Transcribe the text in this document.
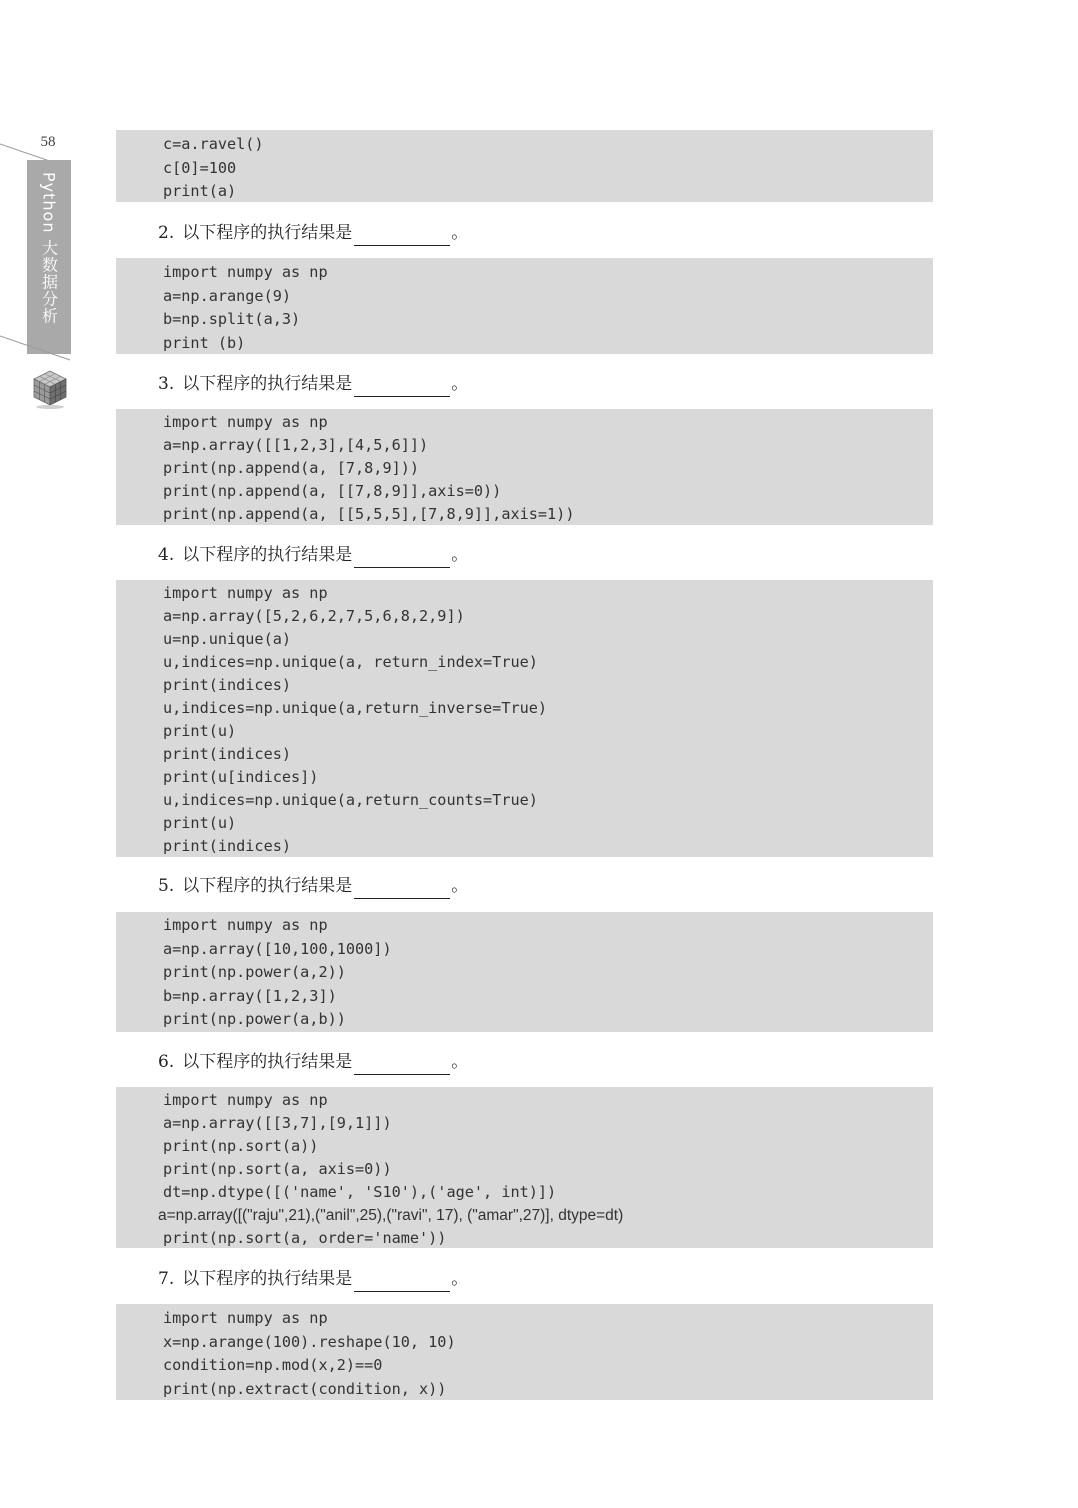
58
Python 大数据分析
c=a.ravel()
c[0]=100
print(a)
2. 以下程序的执行结果是	。
import numpy as np
a=np.arange(9)
b=np.split(a,3)
print (b)
3. 以下程序的执行结果是	。
import numpy as np
a=np.array([[1,2,3],[4,5,6]])
print(np.append(a, [7,8,9]))
print(np.append(a, [[7,8,9]],axis=0))
print(np.append(a, [[5,5,5],[7,8,9]],axis=1))
4. 以下程序的执行结果是	。
import numpy as np
a=np.array([5,2,6,2,7,5,6,8,2,9])
u=np.unique(a)
u,indices=np.unique(a, return_index=True)
print(indices)
u,indices=np.unique(a,return_inverse=True)
print(u)
print(indices)
print(u[indices])
u,indices=np.unique(a,return_counts=True)
print(u)
print(indices)
5. 以下程序的执行结果是	。
import numpy as np
a=np.array([10,100,1000])
print(np.power(a,2))
b=np.array([1,2,3])
print(np.power(a,b))
6. 以下程序的执行结果是	。
import numpy as np
a=np.array([[3,7],[9,1]])
print(np.sort(a))
print(np.sort(a, axis=0))
dt=np.dtype([('name', 'S10'),('age', int)])
a=np.array([("raju",21),("anil",25),("ravi", 17), ("amar",27)], dtype=dt)
print(np.sort(a, order='name'))
7. 以下程序的执行结果是	。
import numpy as np
x=np.arange(100).reshape(10, 10)
condition=np.mod(x,2)==0
print(np.extract(condition, x))
